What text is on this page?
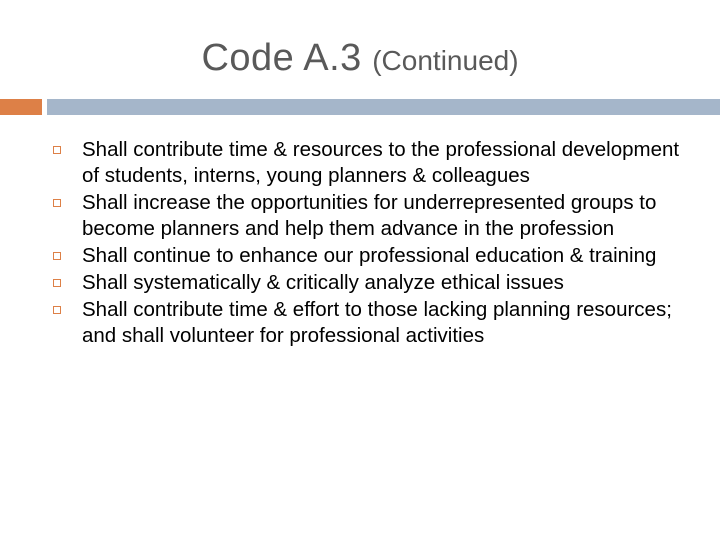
Code A.3 (Continued)
Shall contribute time & resources to the professional development of students, interns, young planners & colleagues
Shall increase the opportunities for underrepresented groups to become planners and help them advance in the profession
Shall continue to enhance our professional education & training
Shall systematically & critically analyze ethical issues
Shall contribute time & effort to those lacking planning resources; and shall volunteer for professional activities
